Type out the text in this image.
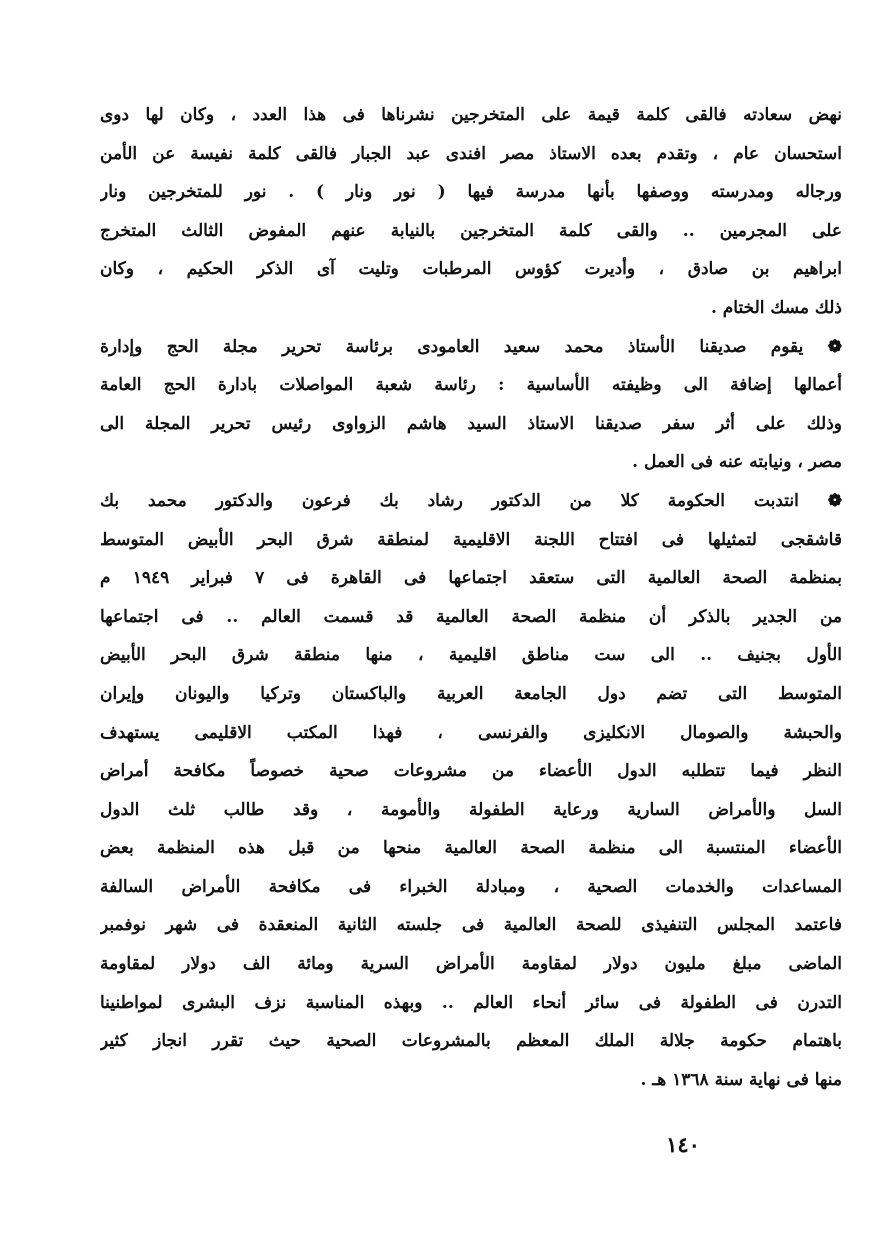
نهض سعادته فالقى كلمة قيمة على المتخرجين نشرناها فى هذا العدد ، وكان لها دوى
استحسان عام ، وتقدم بعده الاستاذ مصر افندى عبد الجبار فالقى كلمة نفيسة عن الأمن
ورجاله ومدرسته ووصفها بأنها مدرسة فيها ( نور ونار ) . نور للمتخرجين ونار
على المجرمين .. والقى كلمة المتخرجين بالنيابة عنهم المفوض الثالث المتخرج
ابراهيم بن صادق ، وأديرت كؤوس المرطبات وتليت آى الذكر الحكيم ، وكان
ذلك مسك الختام .
❁ يقوم صديقنا الأستاذ محمد سعيد العامودى برئاسة تحرير مجلة الحج وإدارة
أعمالها إضافة الى وظيفته الأساسية : رئاسة شعبة المواصلات بادارة الحج العامة
وذلك على أثر سفر صديقنا الاستاذ السيد هاشم الزواوى رئيس تحرير المجلة الى
مصر ، ونيابته عنه فى العمل .
❁ انتدبت الحكومة كلا من الدكتور رشاد بك فرعون والدكتور محمد بك
قاشقجى لتمثيلها فى افتتاح اللجنة الاقليمية لمنطقة شرق البحر الأبيض المتوسط
بمنظمة الصحة العالمية التى ستعقد اجتماعها فى القاهرة فى ٧ فبراير ١٩٤٩ م
من الجدير بالذكر أن منظمة الصحة العالمية قد قسمت العالم .. فى اجتماعها
الأول بجنيف .. الى ست مناطق اقليمية ، منها منطقة شرق البحر الأبيض
المتوسط التى تضم دول الجامعة العربية والباكستان وتركيا واليونان وإيران
والحبشة والصومال الانكليزى والفرنسى ، فهذا المكتب الاقليمى يستهدف
النظر فيما تتطلبه الدول الأعضاء من مشروعات صحية خصوصاً مكافحة أمراض
السل والأمراض السارية ورعاية الطفولة والأمومة ، وقد طالب ثلث الدول
الأعضاء المنتسبة الى منظمة الصحة العالمية منحها من قبل هذه المنظمة بعض
المساعدات والخدمات الصحية ، ومبادلة الخبراء فى مكافحة الأمراض السالفة
فاعتمد المجلس التنفيذى للصحة العالمية فى جلسته الثانية المنعقدة فى شهر نوفمبر
الماضى مبلغ مليون دولار لمقاومة الأمراض السرية ومائة الف دولار لمقاومة
التدرن فى الطفولة فى سائر أنحاء العالم .. وبهذه المناسبة نزف البشرى لمواطنينا
باهتمام حكومة جلالة الملك المعظم بالمشروعات الصحية حيث تقرر انجاز كثير
منها فى نهاية سنة ١٣٦٨ هـ .
١٤٠
